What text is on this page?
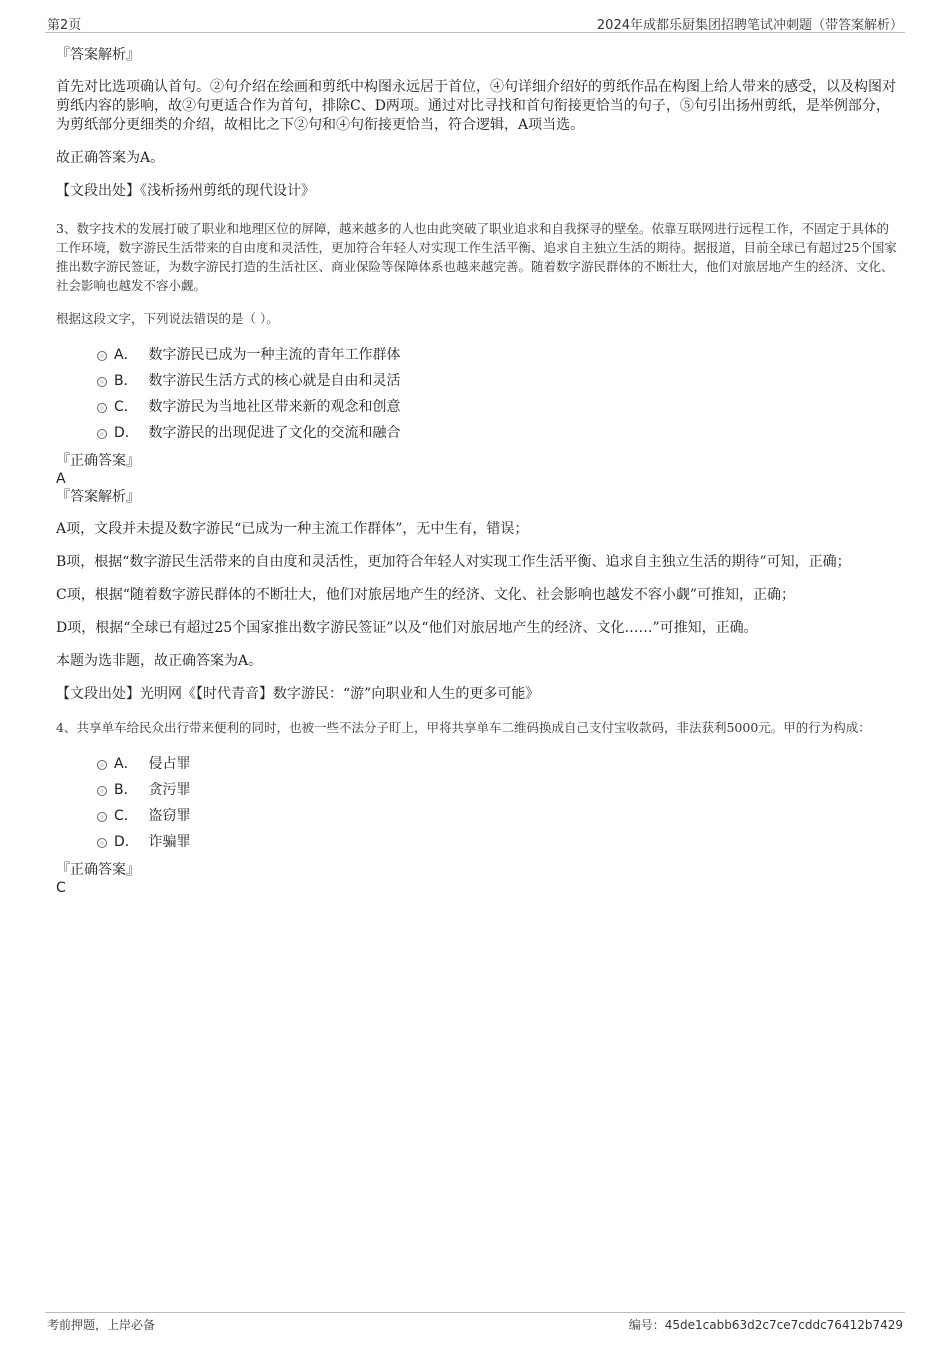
第2页	2024年成都乐厨集团招聘笔试冲刺题（带答案解析）

『答案解析』

首先对比选项确认首句。②句介绍在绘画和剪纸中构图永远居于首位，④句详细介绍好的剪纸作品在构图上给人带来的感受，以及构图对剪纸内容的影响，故②句更适合作为首句，排除C、D两项。通过对比寻找和首句衔接更恰当的句子，⑤句引出扬州剪纸，是举例部分，为剪纸部分更细类的介绍，故相比之下②句和④句衔接更恰当，符合逻辑，A项当选。

故正确答案为A。

【文段出处】《浅析扬州剪纸的现代设计》

3、数字技术的发展打破了职业和地理区位的屏障，越来越多的人也由此突破了职业追求和自我探寻的壁垒。依靠互联网进行远程工作，不固定于具体的工作环境，数字游民生活带来的自由度和灵活性，更加符合年轻人对实现工作生活平衡、追求自主独立生活的期待。据报道，目前全球已有超过25个国家推出数字游民签证，为数字游民打造的生活社区、商业保险等保障体系也越来越完善。随着数字游民群体的不断壮大，他们对旅居地产生的经济、文化、社会影响也越发不容小觑。

根据这段文字，下列说法错误的是（ ）。

A． 数字游民已成为一种主流的青年工作群体
B． 数字游民生活方式的核心就是自由和灵活
C． 数字游民为当地社区带来新的观念和创意
D． 数字游民的出现促进了文化的交流和融合

『正确答案』

A

『答案解析』

A项，文段并未提及数字游民“已成为一种主流工作群体”，无中生有，错误；

B项，根据“数字游民生活带来的自由度和灵活性，更加符合年轻人对实现工作生活平衡、追求自主独立生活的期待”可知，正确；

C项，根据“随着数字游民群体的不断壮大，他们对旅居地产生的经济、文化、社会影响也越发不容小觑”可推知，正确；

D项，根据“全球已有超过25个国家推出数字游民签证”以及“他们对旅居地产生的经济、文化……”可推知，正确。

本题为选非题，故正确答案为A。

【文段出处】光明网《【时代青音】数字游民：“游”向职业和人生的更多可能》

4、共享单车给民众出行带来便利的同时，也被一些不法分子盯上，甲将共享单车二维码换成自己支付宝收款码，非法获利5000元。甲的行为构成：

A． 侵占罪
B． 贪污罪
C． 盗窃罪
D． 诈骗罪

『正确答案』

C

考前押题，上岸必备	编号：45de1cabb63d2c7ce7cddc76412b7429
